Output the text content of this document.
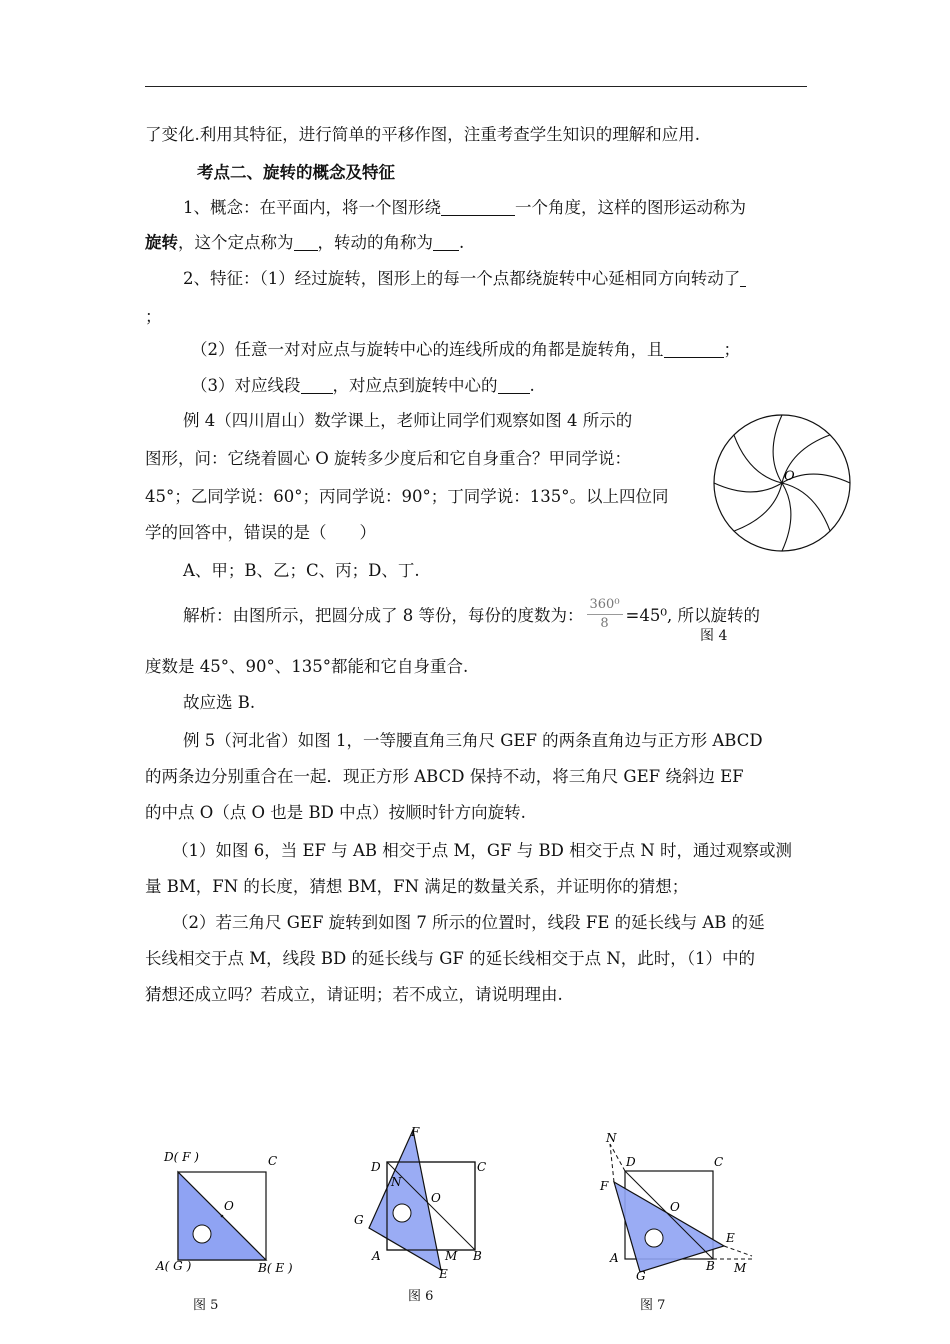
了变化.利用其特征，进行简单的平移作图，注重考查学生知识的理解和应用.
考点二、旋转的概念及特征
1、概念：在平面内，将一个图形绕	一个角度，这样的图形运动称为
旋转，这个定点称为 ，转动的角称为 .
2、特征：（1）经过旋转，图形上的每一个点都绕旋转中心延相同方向转动了
；
（2）任意一对对应点与旋转中心的连线所成的角都是旋转角，且	；
（3）对应线段 ，对应点到旋转中心的 .
例 4（四川眉山）数学课上，老师让同学们观察如图 4 所示的
图形，问：它绕着圆心 O 旋转多少度后和它自身重合？甲同学说：
45°；乙同学说：60°；丙同学说：90°；丁同学说：135°。以上四位同
学的回答中，错误的是（　　）
A、甲；B、乙；C、丙；D、丁.
解析：由图所示，把圆分成了 8 等份，每份的度数为： $\frac{\text{360⁰}}{8} =45^0$, 所以旋转的
图 4
度数是 45°、90°、135°都能和它自身重合.
故应选 B.
例 5（河北省）如图 1，一等腰直角三角尺 GEF 的两条直角边与正方形 ABCD
的两条边分别重合在一起．现正方形 ABCD 保持不动，将三角尺 GEF 绕斜边 EF
的中点 O（点 O 也是 BD 中点）按顺时针方向旋转.
（1）如图 6，当 EF 与 AB 相交于点 M，GF 与 BD 相交于点 N 时，通过观察或测
量 BM，FN 的长度，猜想 BM，FN 满足的数量关系，并证明你的猜想；
（2）若三角尺 GEF 旋转到如图 7 所示的位置时，线段 FE 的延长线与 AB 的延
长线相交于点 M，线段 BD 的延长线与 GF 的延长线相交于点 N，此时，（1）中的
猜想还成立吗？若成立，请证明；若不成立，请说明理由.
O
D( F )	C
O
A( G )	B( E )
图 5
F
D	C
N
O
G
A	M B
E
图 6
N
D	C
F
O
E
A
B M
G
图 7
